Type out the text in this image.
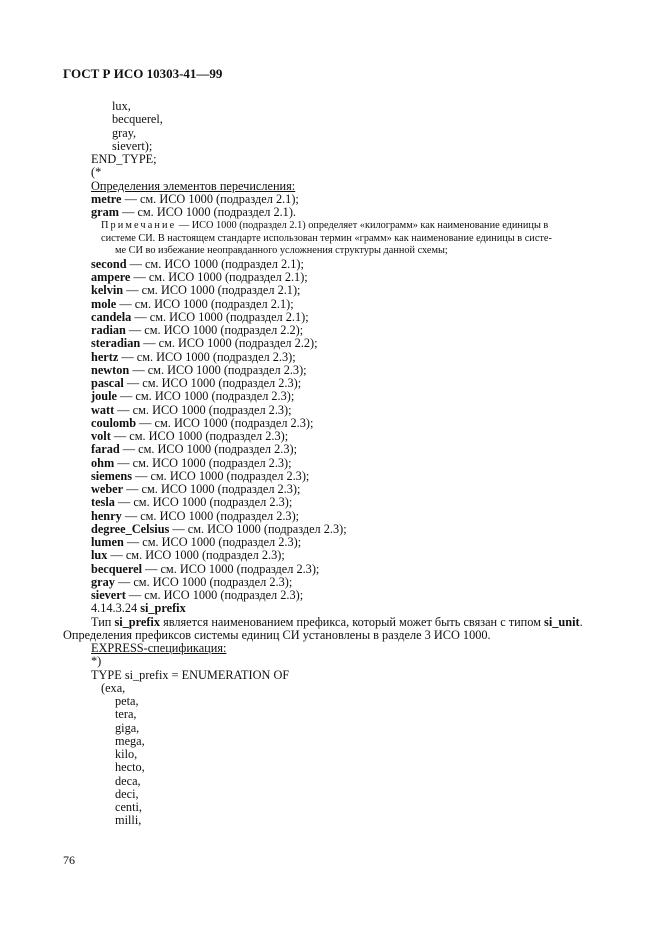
ГОСТ Р ИСО 10303-41—99
lux,
becquerel,
gray,
sievert);
END_TYPE;
(*
Определения элементов перечисления:
metre — см. ИСО 1000 (подраздел 2.1);
gram — см. ИСО 1000 (подраздел 2.1).
Примечание — ИСО 1000 (подраздел 2.1) определяет «килограмм» как наименование единицы в
системе СИ. В настоящем стандарте использован термин «грамм» как наименование единицы в систе-
ме СИ во избежание неоправданного усложнения структуры данной схемы;
second — см. ИСО 1000 (подраздел 2.1);
ampere — см. ИСО 1000 (подраздел 2.1);
kelvin — см. ИСО 1000 (подраздел 2.1);
mole — см. ИСО 1000 (подраздел 2.1);
candela — см. ИСО 1000 (подраздел 2.1);
radian — см. ИСО 1000 (подраздел 2.2);
steradian — см. ИСО 1000 (подраздел 2.2);
hertz — см. ИСО 1000 (подраздел 2.3);
newton — см. ИСО 1000 (подраздел 2.3);
pascal — см. ИСО 1000 (подраздел 2.3);
joule — см. ИСО 1000 (подраздел 2.3);
watt — см. ИСО 1000 (подраздел 2.3);
coulomb — см. ИСО 1000 (подраздел 2.3);
volt — см. ИСО 1000 (подраздел 2.3);
farad — см. ИСО 1000 (подраздел 2.3);
ohm — см. ИСО 1000 (подраздел 2.3);
siemens — см. ИСО 1000 (подраздел 2.3);
weber — см. ИСО 1000 (подраздел 2.3);
tesla — см. ИСО 1000 (подраздел 2.3);
henry — см. ИСО 1000 (подраздел 2.3);
degree_Celsius — см. ИСО 1000 (подраздел 2.3);
lumen — см. ИСО 1000 (подраздел 2.3);
lux — см. ИСО 1000 (подраздел 2.3);
becquerel — см. ИСО 1000 (подраздел 2.3);
gray — см. ИСО 1000 (подраздел 2.3);
sievert — см. ИСО 1000 (подраздел 2.3);
4.14.3.24 si_prefix
Тип si_prefix является наименованием префикса, который может быть связан с типом si_unit.
Определения префиксов системы единиц СИ установлены в разделе 3 ИСО 1000.
EXPRESS-спецификация:
*)
TYPE si_prefix = ENUMERATION OF
(exa,
peta,
tera,
giga,
mega,
kilo,
hecto,
deca,
deci,
centi,
milli,
76
